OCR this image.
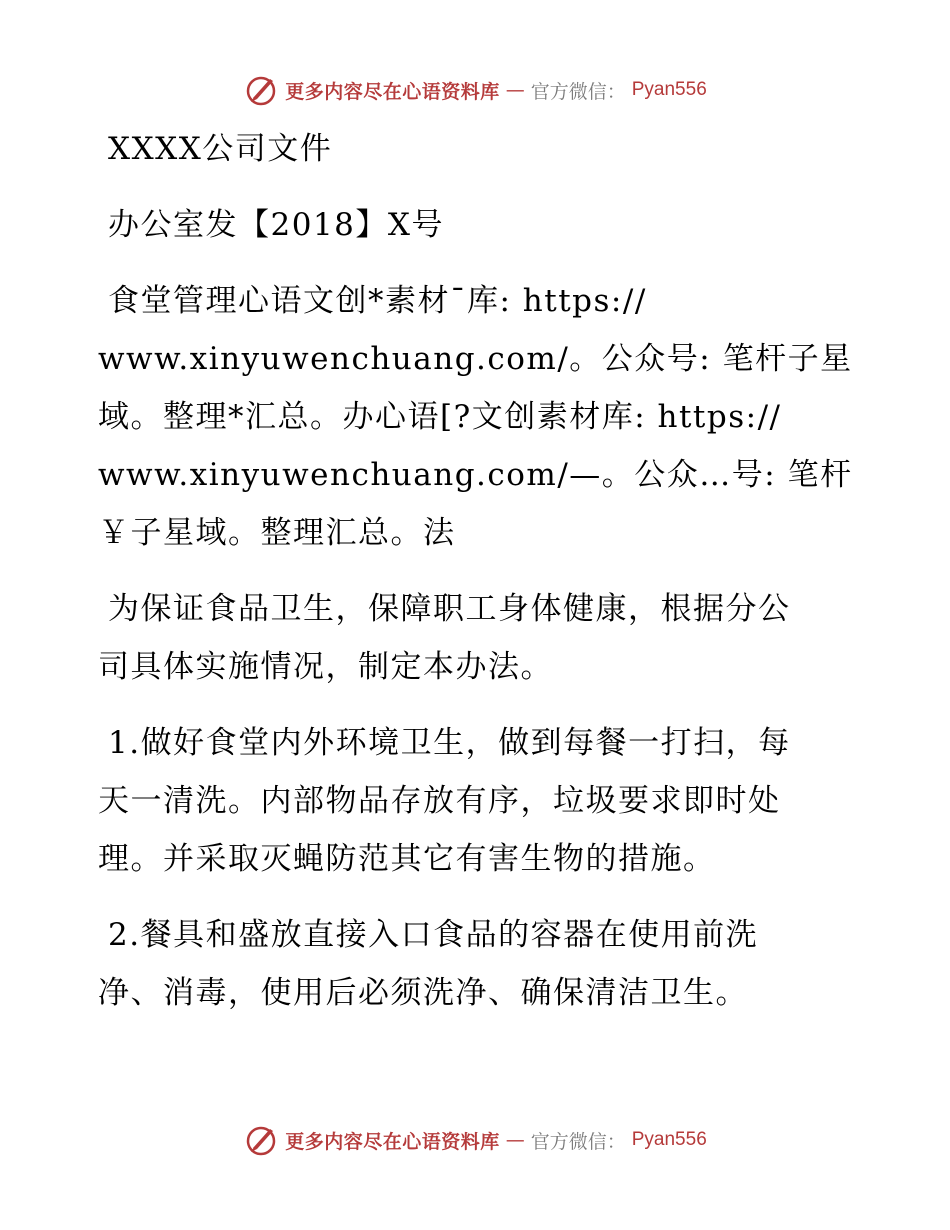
更多内容尽在心语资料库 — 官方微信： Pyan556
XXXX公司文件
办公室发【2018】X号
食堂管理心语文创*素材¯库: https://
www.xinyuwenchuang.com/。公众号: 笔杆子星
域。整理*汇总。办心语[?文创素材库: https://
www.xinyuwenchuang.com/—。公众…号: 笔杆
￥子星域。整理汇总。法
为保证食品卫生，保障职工身体健康，根据分公
司具体实施情况，制定本办法。
1.做好食堂内外环境卫生，做到每餐一打扫，每
天一清洗。内部物品存放有序，垃圾要求即时处
理。并采取灭蝇防范其它有害生物的措施。
2.餐具和盛放直接入口食品的容器在使用前洗
净、消毒，使用后必须洗净、确保清洁卫生。
更多内容尽在心语资料库 — 官方微信： Pyan556
